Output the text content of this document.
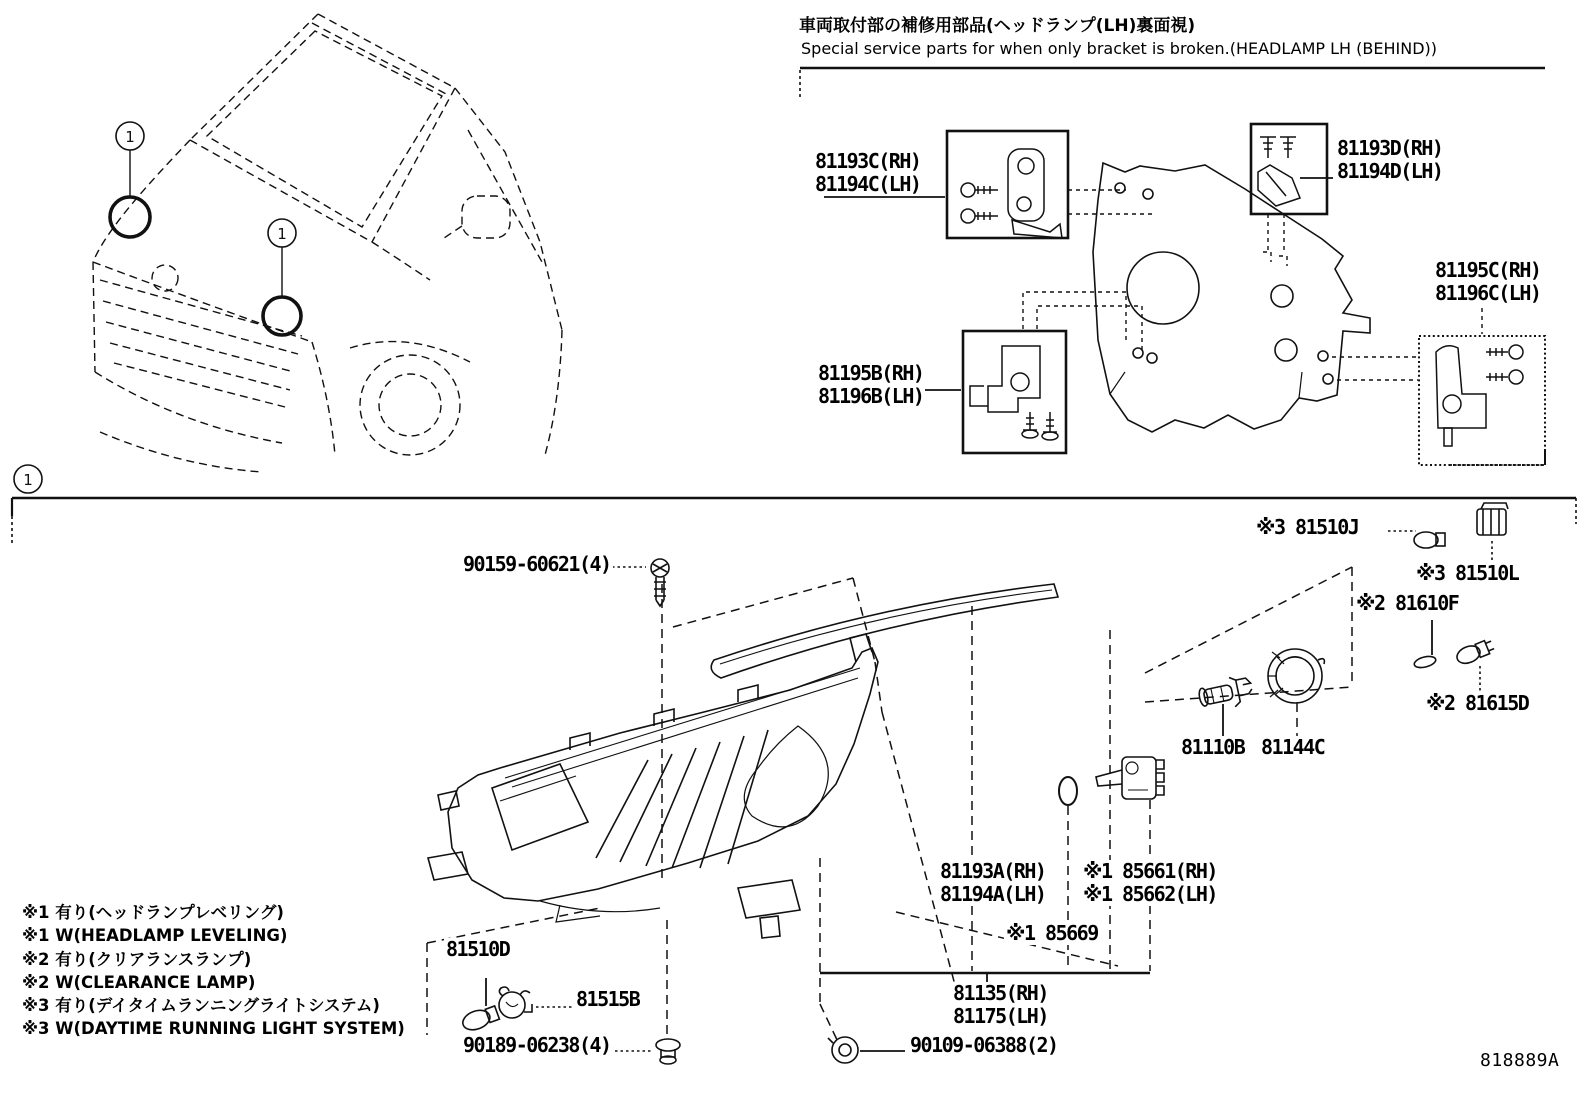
1
1
1
車両取付部の補修用部品(ヘッドランプ(LH)裏面視)
Special service parts for when only bracket is broken.(HEADLAMP LH (BEHIND))
81193C(RH)
81194C(LH)
81193D(RH)
81194D(LH)
81195C(RH)
81196C(LH)
81195B(RH)
81196B(LH)
90159-60621(4)
※3 81510J
※3 81510L
※2 81610F
※2 81615D
81110B 81144C
81193A(RH)
81194A(LH)
※1 85661(RH)
※1 85662(LH)
※1 85669
81135(RH)
81175(LH)
90109-06388(2)
81510D
81515B
90189-06238(4)
※1 有り(ヘッドランプレベリング)
※1 W(HEADLAMP LEVELING)
※2 有り(クリアランスランプ)
※2 W(CLEARANCE LAMP)
※3 有り(デイタイムランニングライトシステム)
※3 W(DAYTIME RUNNING LIGHT SYSTEM)
818889A
